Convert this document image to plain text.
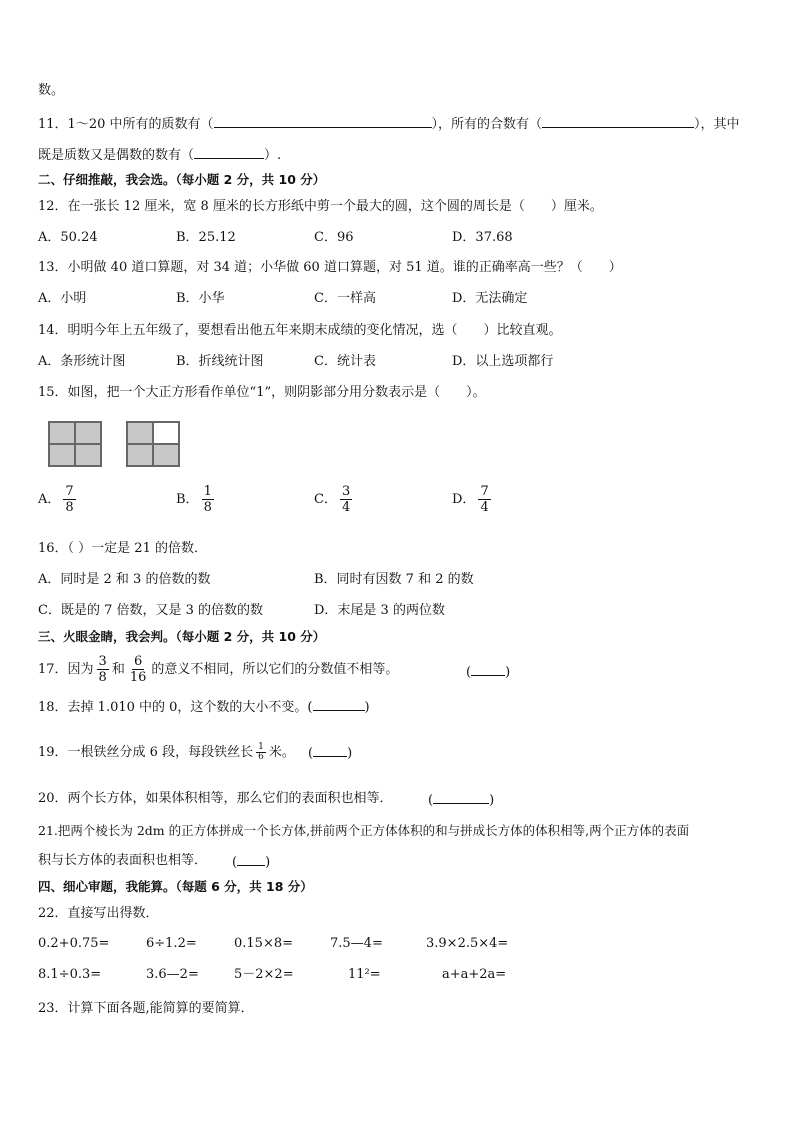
数。
11．1～20 中所有的质数有（	），所有的合数有（	），其中
既是质数又是偶数的数有（	）.
二、仔细推敲，我会选。（每小题 2 分，共 10 分）
12．在一张长 12 厘米，宽 8 厘米的长方形纸中剪一个最大的圆，这个圆的周长是（　　）厘米。
A．50.24	B．25.12	C．96	D．37.68
13．小明做 40 道口算题，对 34 道；小华做 60 道口算题，对 51 道。谁的正确率高一些？（　　）
A．小明	B．小华	C．一样高	D．无法确定
14．明明今年上五年级了，要想看出他五年来期末成绩的变化情况，选（　　）比较直观。
A．条形统计图	B．折线统计图	C．统计表	D．以上选项都行
15．如图，把一个大正方形看作单位“1”，则阴影部分用分数表示是（　　）。
A． $\frac{7}{8}$	B． $\frac{1}{8}$	C． $\frac{3}{4}$	D． $\frac{7}{4}$
16．（ ）一定是 21 的倍数．
A．同时是 2 和 3 的倍数的数	B．同时有因数 7 和 2 的数
C．既是的 7 倍数，又是 3 的倍数的数	D．末尾是 3 的两位数
三、火眼金睛，我会判。（每小题 2 分，共 10 分）
17．因为 $\frac{3}{8}$ 和 $\frac{6}{16}$ 的意义不相同，所以它们的分数值不相等。	(	)
18．去掉 1.010 中的 0，这个数的大小不变。(	)
19．一根铁丝分成 6 段，每段铁丝长 $\frac{1}{6}$ 米。 (	)
20．两个长方体，如果体积相等，那么它们的表面积也相等．	(	)
21.把两个棱长为 2dm 的正方体拼成一个长方体,拼前两个正方体体积的和与拼成长方体的体积相等,两个正方体的表面
积与长方体的表面积也相等． ( )
四、细心审题，我能算。（每题 6 分，共 18 分）
22．直接写出得数．
0.2+0.75=	6÷1.2=	0.15×8=	7.5—4=	3.9×2.5×4=
8.1÷0.3=	3.6—2=	5－2×2=	11²=	a+a+2a=
23．计算下面各题,能简算的要简算．
